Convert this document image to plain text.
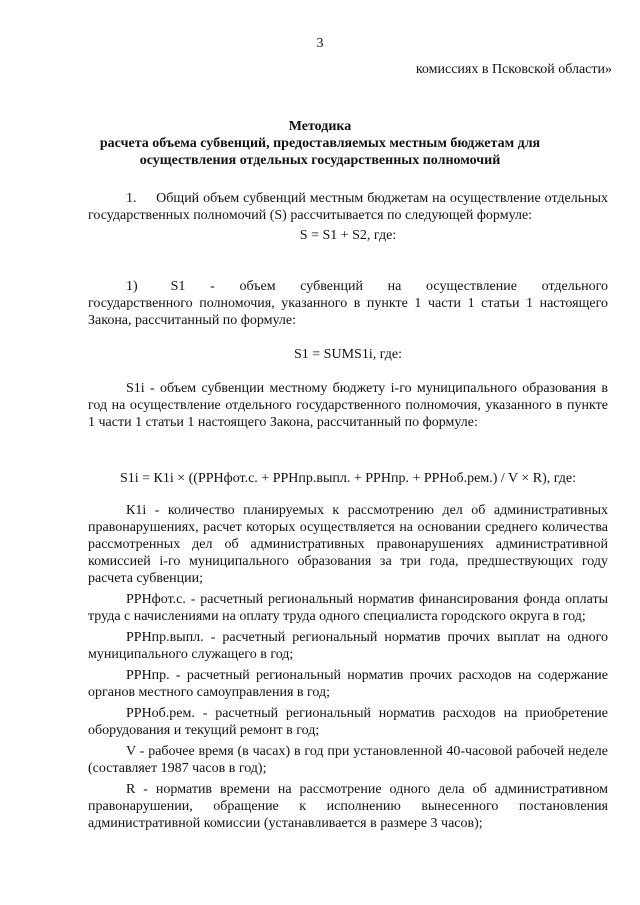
3
комиссиях в Псковской области»
Методика
расчета объема субвенций, предоставляемых местным бюджетам для
осуществления отдельных государственных полномочий

1.     Общий объем субвенций местным бюджетам на осуществление отдельных государственных полномочий (S) рассчитывается по следующей формуле:

S = S1 + S2, где:

1)    S1   -   объем   субвенций   на   осуществление   отдельного государственного полномочия, указанного в пункте 1 части 1 статьи 1 настоящего Закона, рассчитанный по формуле:

S1 = SUMS1i, где:

S1i - объем субвенции местному бюджету i-го муниципального образования в год на осуществление отдельного государственного полномочия, указанного в пункте 1 части 1 статьи 1 настоящего Закона, рассчитанный по формуле:

S1i = К1i × ((РРНфот.с. + РРНпр.выпл. + РРНпр. + РРНоб.рем.) / V × R), где:

К1i - количество планируемых к рассмотрению дел об административных правонарушениях, расчет которых осуществляется на основании среднего количества рассмотренных дел об административных правонарушениях административной комиссией i-го муниципального образования за три года, предшествующих году расчета субвенции;

РРНфот.с. - расчетный региональный норматив финансирования фонда оплаты труда с начислениями на оплату труда одного специалиста городского округа в год;

РРНпр.выпл. - расчетный региональный норматив прочих выплат на одного муниципального служащего в год;

РРНпр. - расчетный региональный норматив прочих расходов на содержание органов местного самоуправления в год;

РРНоб.рем. - расчетный региональный норматив расходов на приобретение оборудования и текущий ремонт в год;

V - рабочее время (в часах) в год при установленной 40-часовой рабочей неделе (составляет 1987 часов в год);

R - норматив времени на рассмотрение одного дела об административном правонарушении, обращение к исполнению вынесенного постановления административной комиссии (устанавливается в размере 3 часов);
